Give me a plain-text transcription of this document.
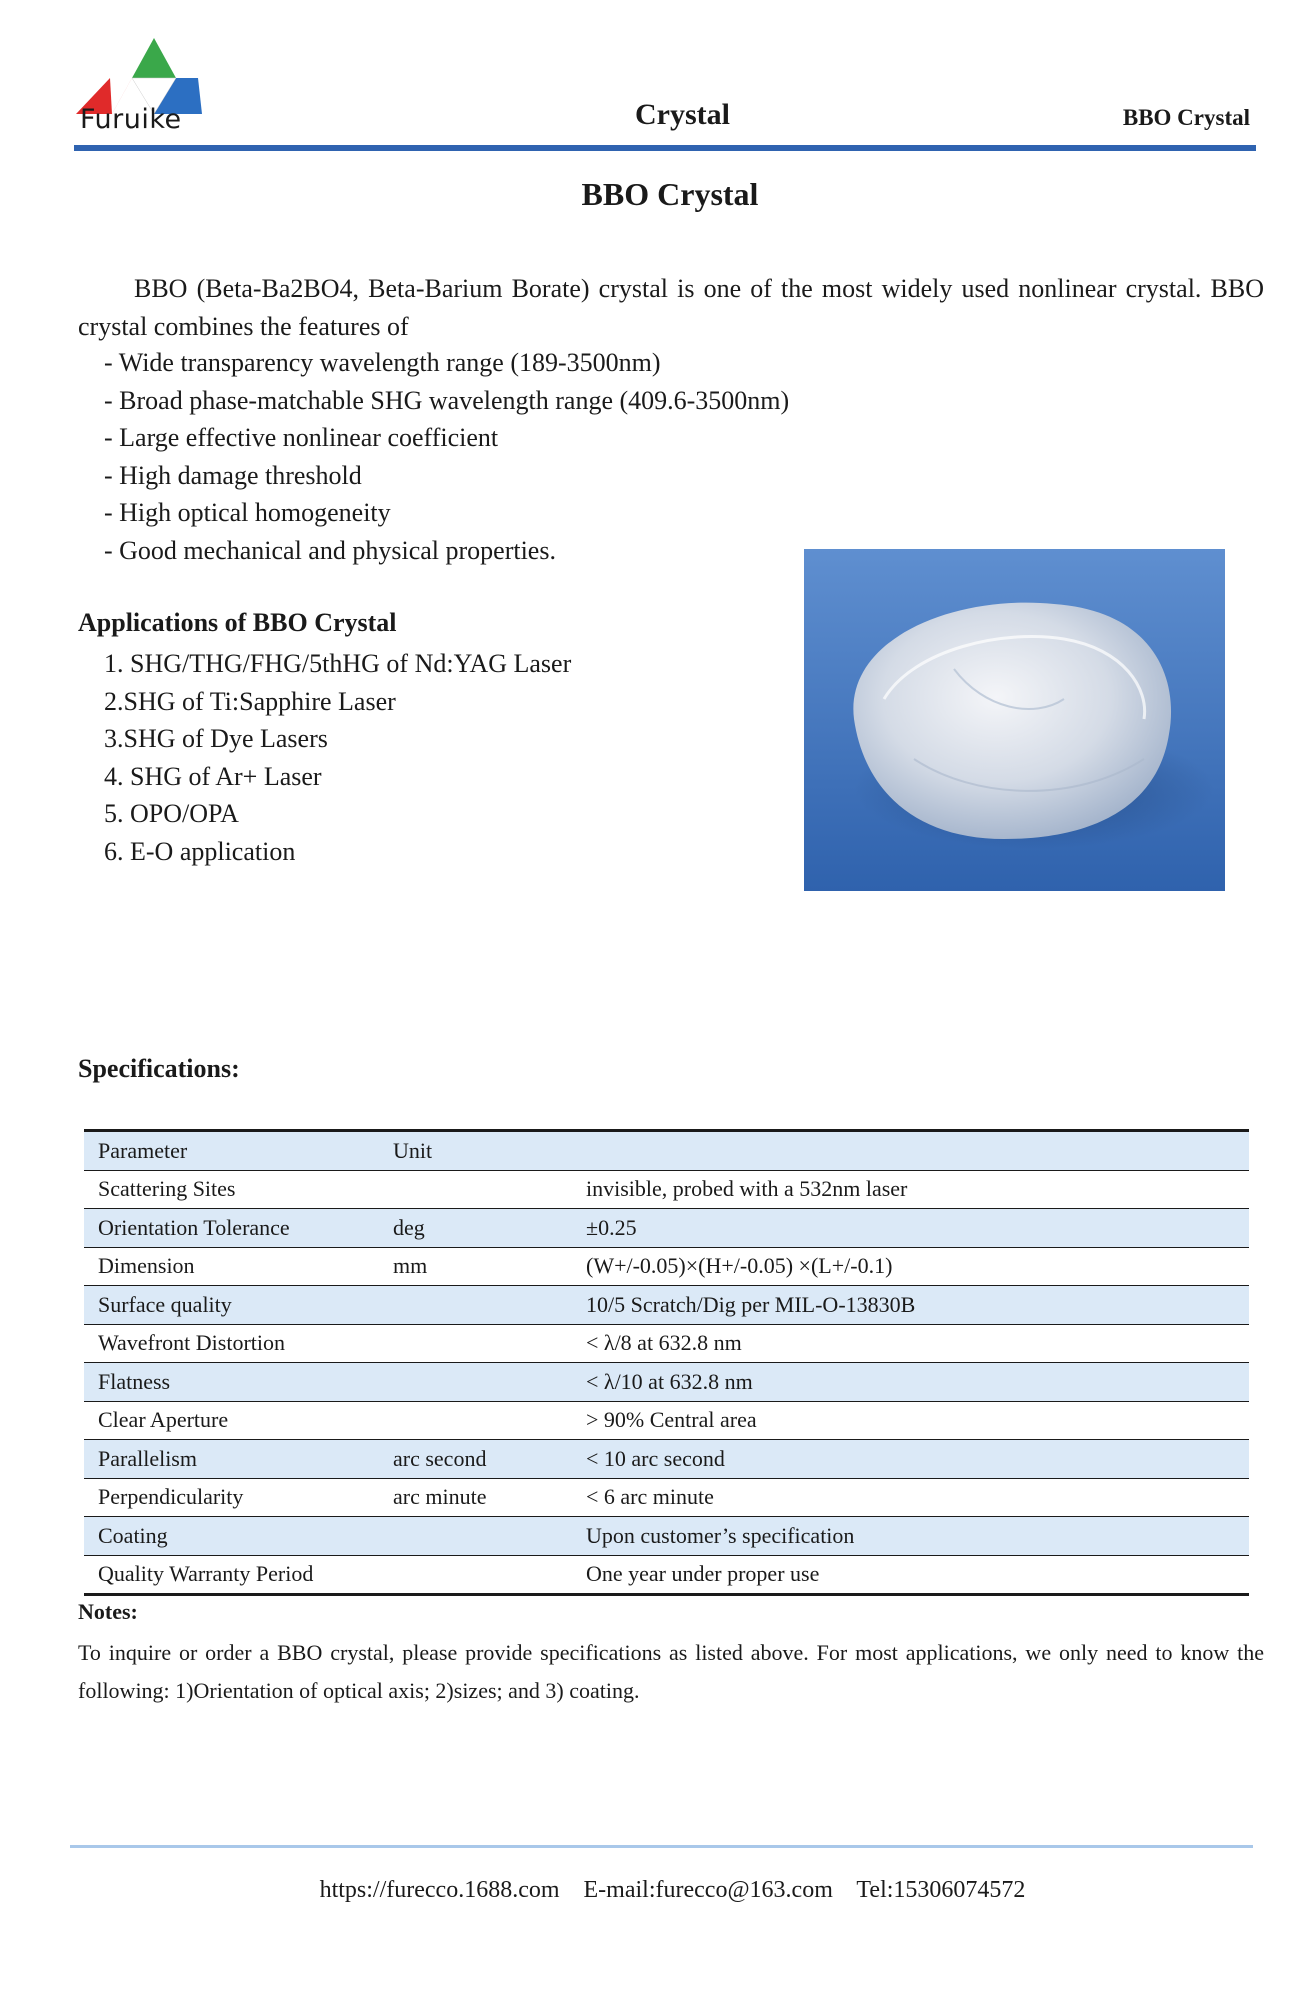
Furuike	Crystal	BBO Crystal
BBO Crystal

BBO (Beta-Ba2BO4, Beta-Barium Borate) crystal is one of the most widely used nonlinear crystal. BBO crystal combines the features of

- Wide transparency wavelength range (189-3500nm)
- Broad phase-matchable SHG wavelength range (409.6-3500nm)
- Large effective nonlinear coefficient
- High damage threshold
- High optical homogeneity
- Good mechanical and physical properties.
Applications of BBO Crystal
1. SHG/THG/FHG/5thHG of Nd:YAG Laser
2.SHG of Ti:Sapphire Laser
3.SHG of Dye Lasers
4. SHG of Ar+ Laser
5. OPO/OPA
6. E-O application
Specifications:
Parameter	Unit	
Scattering Sites		invisible, probed with a 532nm laser
Orientation Tolerance	deg	±0.25
Dimension	mm	(W+/-0.05)×(H+/-0.05) ×(L+/-0.1)
Surface quality		10/5 Scratch/Dig per MIL-O-13830B
Wavefront Distortion		< λ/8 at 632.8 nm
Flatness		< λ/10 at 632.8 nm
Clear Aperture		> 90% Central area
Parallelism	arc second	< 10 arc second
Perpendicularity	arc minute	< 6 arc minute
Coating		Upon customer’s specification
Quality Warranty Period		One year under proper use
Notes:
To inquire or order a BBO crystal, please provide specifications as listed above. For most applications, we only need to know the following: 1)Orientation of optical axis; 2)sizes; and 3) coating.
https://furecco.1688.com    E-mail:furecco@163.com    Tel:15306074572
